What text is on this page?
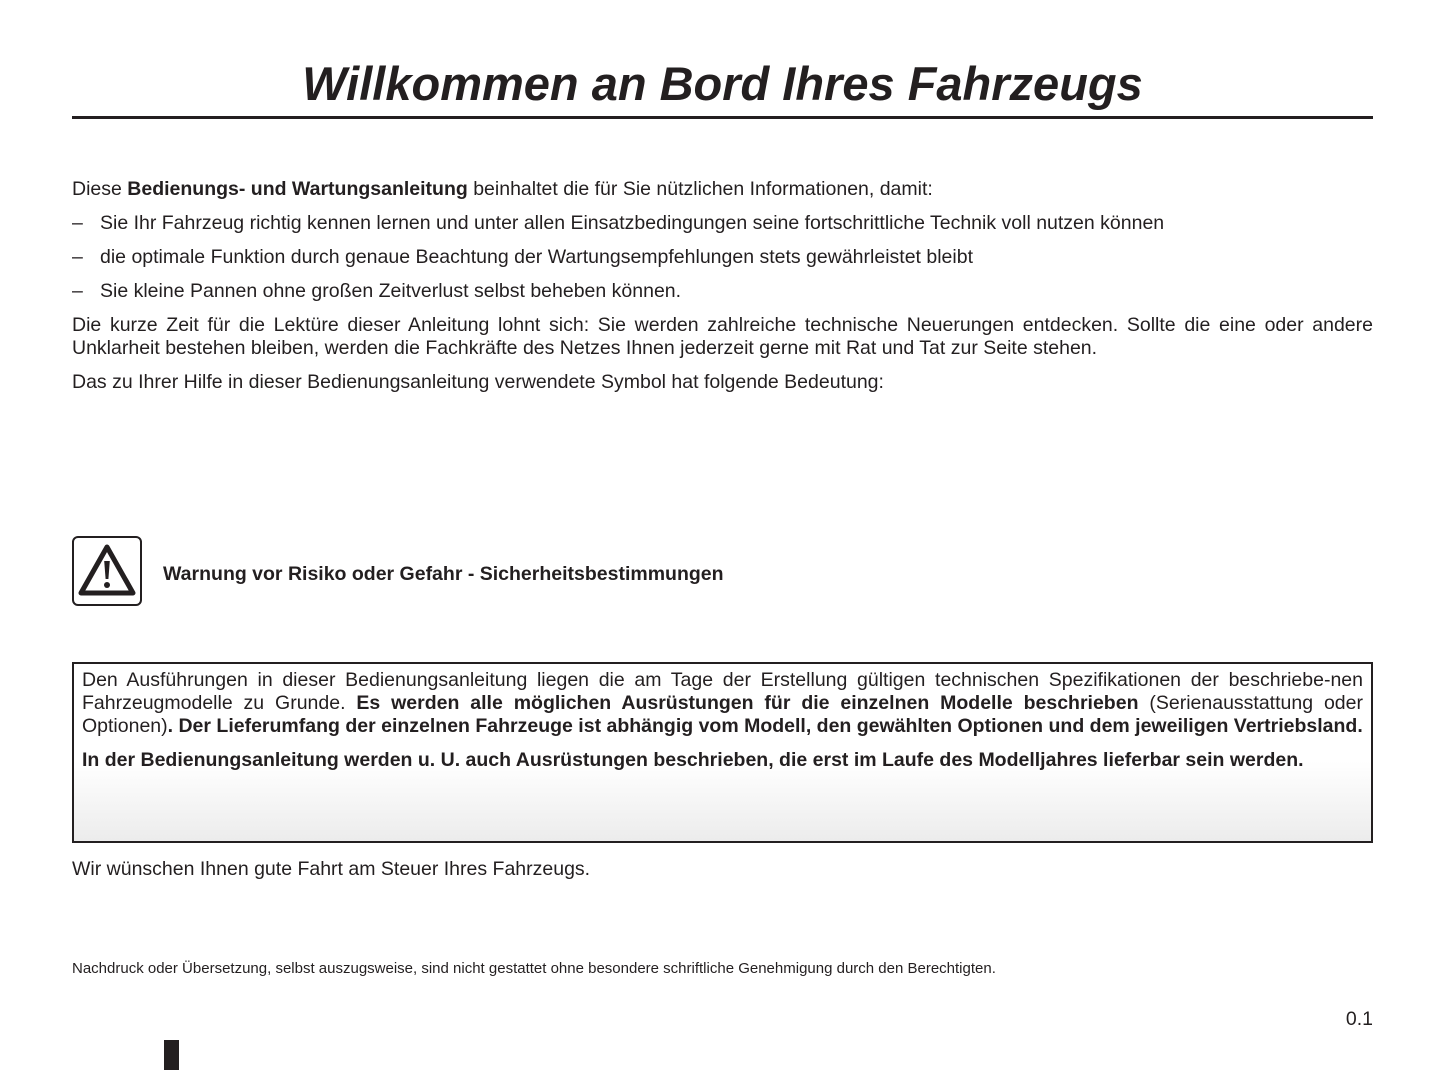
Willkommen an Bord Ihres Fahrzeugs

Diese Bedienungs- und Wartungsanleitung beinhaltet die für Sie nützlichen Informationen, damit:

– Sie Ihr Fahrzeug richtig kennen lernen und unter allen Einsatzbedingungen seine fortschrittliche Technik voll nutzen können
– die optimale Funktion durch genaue Beachtung der Wartungsempfehlungen stets gewährleistet bleibt
– Sie kleine Pannen ohne großen Zeitverlust selbst beheben können.

Die kurze Zeit für die Lektüre dieser Anleitung lohnt sich: Sie werden zahlreiche technische Neuerungen entdecken. Sollte die eine oder andere Unklarheit bestehen bleiben, werden die Fachkräfte des Netzes Ihnen jederzeit gerne mit Rat und Tat zur Seite stehen.

Das zu Ihrer Hilfe in dieser Bedienungsanleitung verwendete Symbol hat folgende Bedeutung:

Warnung vor Risiko oder Gefahr - Sicherheitsbestimmungen

Den Ausführungen in dieser Bedienungsanleitung liegen die am Tage der Erstellung gültigen technischen Spezifikationen der beschriebe-nen Fahrzeugmodelle zu Grunde. Es werden alle möglichen Ausrüstungen für die einzelnen Modelle beschrieben (Serienausstattung oder Optionen). Der Lieferumfang der einzelnen Fahrzeuge ist abhängig vom Modell, den gewählten Optionen und dem jeweiligen Vertriebsland.

In der Bedienungsanleitung werden u. U. auch Ausrüstungen beschrieben, die erst im Laufe des Modelljahres lieferbar sein werden.

Wir wünschen Ihnen gute Fahrt am Steuer Ihres Fahrzeugs.
Nachdruck oder Übersetzung, selbst auszugsweise, sind nicht gestattet ohne besondere schriftliche Genehmigung durch den Berechtigten.
0.1
